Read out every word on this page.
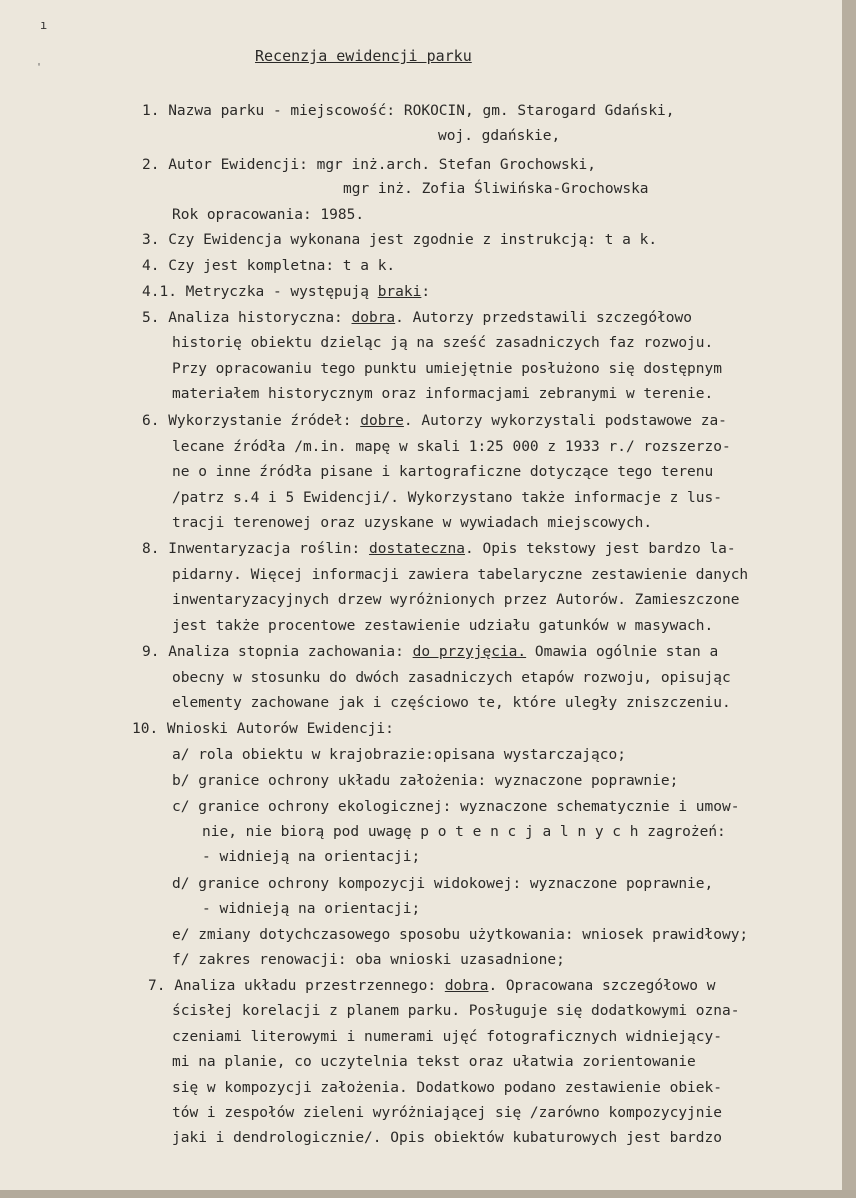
ı
'
Recenzja ewidencji parku
1. Nazwa parku - miejscowość: ROKOCIN, gm. Starogard Gdański,
woj. gdańskie,
2. Autor Ewidencji: mgr inż.arch. Stefan Grochowski,
mgr inż. Zofia Śliwińska-Grochowska
Rok opracowania: 1985.
3. Czy Ewidencja wykonana jest zgodnie z instrukcją: t a k.
4. Czy jest kompletna: t a k.
4.1. Metryczka - występują braki:
5. Analiza historyczna: dobra. Autorzy przedstawili szczegółowo
historię obiektu dzieląc ją na sześć zasadniczych faz rozwoju.
Przy opracowaniu tego punktu umiejętnie posłużono się dostępnym
materiałem historycznym oraz informacjami zebranymi w terenie.
6. Wykorzystanie źródeł: dobre. Autorzy wykorzystali podstawowe za-
lecane źródła /m.in. mapę w skali 1:25 000 z 1933 r./ rozszerzo-
ne o inne źródła pisane i kartograficzne dotyczące tego terenu
/patrz s.4 i 5 Ewidencji/. Wykorzystano także informacje z lus-
tracji terenowej oraz uzyskane w wywiadach miejscowych.
8. Inwentaryzacja roślin: dostateczna. Opis tekstowy jest bardzo la-
pidarny. Więcej informacji zawiera tabelaryczne zestawienie danych
inwentaryzacyjnych drzew wyróżnionych przez Autorów. Zamieszczone
jest także procentowe zestawienie udziału gatunków w masywach.
9. Analiza stopnia zachowania: do przyjęcia. Omawia ogólnie stan a
obecny w stosunku do dwóch zasadniczych etapów rozwoju, opisując
elementy zachowane jak i częściowo te, które uległy zniszczeniu.
10. Wnioski Autorów Ewidencji:
a/ rola obiektu w krajobrazie:opisana wystarczająco;
b/ granice ochrony układu założenia: wyznaczone poprawnie;
c/ granice ochrony ekologicznej: wyznaczone schematycznie i umow-
nie, nie biorą pod uwagę p o t e n c j a l n y c h zagrożeń:
- widnieją na orientacji;
d/ granice ochrony kompozycji widokowej: wyznaczone poprawnie,
- widnieją na orientacji;
e/ zmiany dotychczasowego sposobu użytkowania: wniosek prawidłowy;
f/ zakres renowacji: oba wnioski uzasadnione;
7. Analiza układu przestrzennego: dobra. Opracowana szczegółowo w
ścisłej korelacji z planem parku. Posługuje się dodatkowymi ozna-
czeniami literowymi i numerami ujęć fotograficznych widniejący-
mi na planie, co uczytelnia tekst oraz ułatwia zorientowanie
się w kompozycji założenia. Dodatkowo podano zestawienie obiek-
tów i zespołów zieleni wyróżniającej się /zarówno kompozycyjnie
jaki i dendrologicznie/. Opis obiektów kubaturowych jest bardzo
